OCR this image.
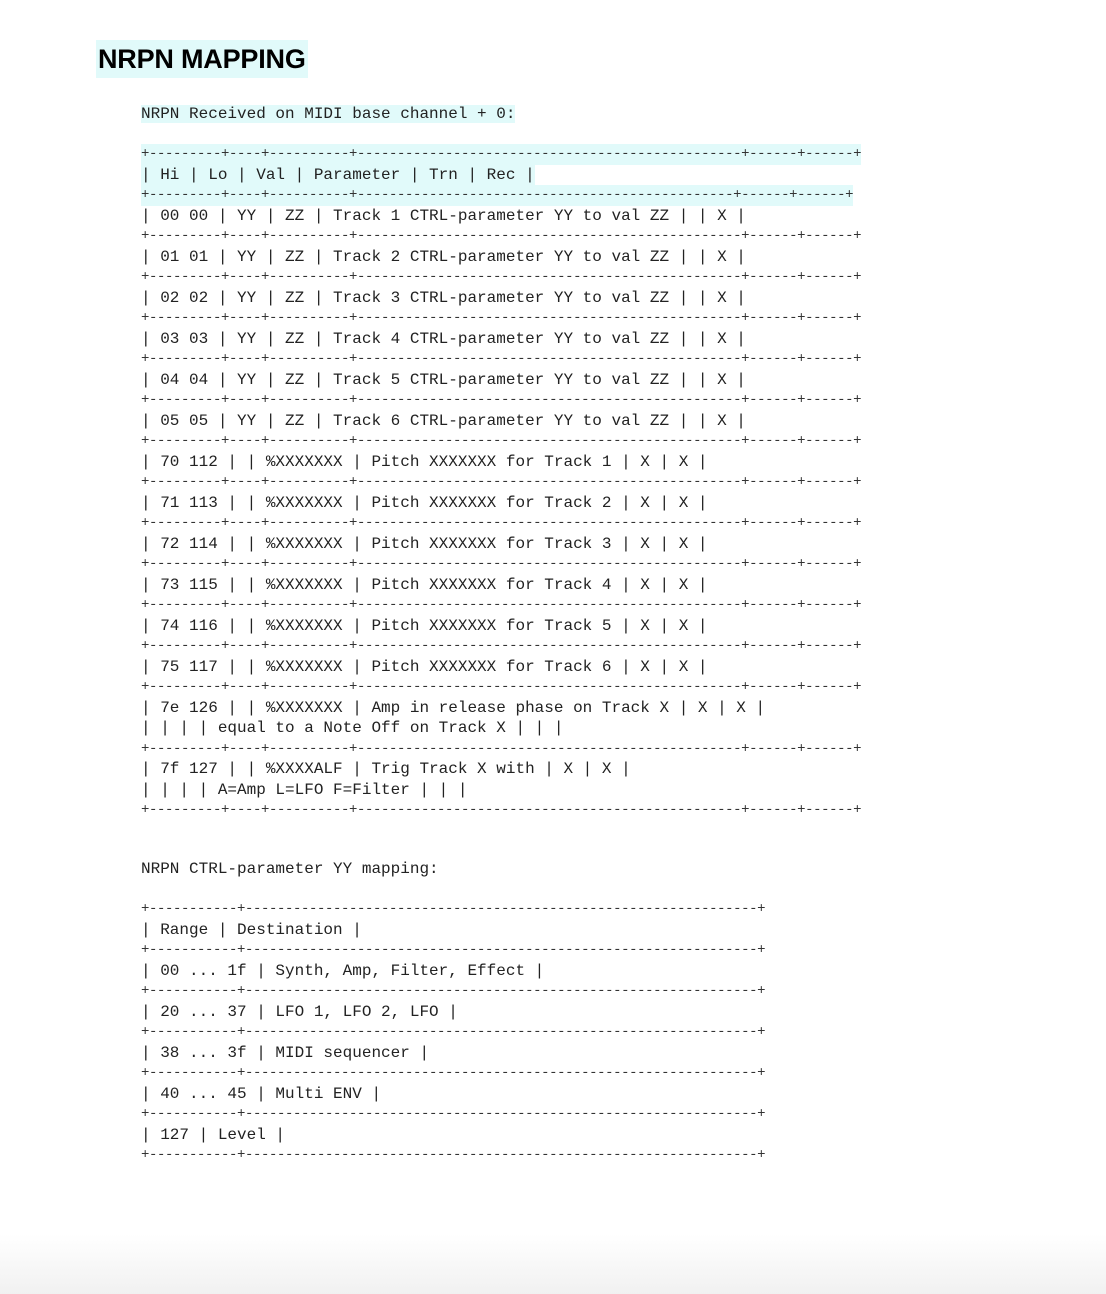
NRPN MAPPING
NRPN Received on MIDI base channel + 0:
+---------+----+----------+------------------------------------------------+------+------+
| Hi | Lo | Val | Parameter | Trn | Rec |
+---------+----+----------+-----------------------------------------------+------+------+
| 00 00 | YY | ZZ | Track 1 CTRL-parameter YY to val ZZ | | X |
+---------+----+----------+------------------------------------------------+------+------+
| 01 01 | YY | ZZ | Track 2 CTRL-parameter YY to val ZZ | | X |
+---------+----+----------+------------------------------------------------+------+------+
| 02 02 | YY | ZZ | Track 3 CTRL-parameter YY to val ZZ | | X |
+---------+----+----------+------------------------------------------------+------+------+
| 03 03 | YY | ZZ | Track 4 CTRL-parameter YY to val ZZ | | X |
+---------+----+----------+------------------------------------------------+------+------+
| 04 04 | YY | ZZ | Track 5 CTRL-parameter YY to val ZZ | | X |
+---------+----+----------+------------------------------------------------+------+------+
| 05 05 | YY | ZZ | Track 6 CTRL-parameter YY to val ZZ | | X |
+---------+----+----------+------------------------------------------------+------+------+
| 70 112 | | %XXXXXXX | Pitch XXXXXXX for Track 1 | X | X |
+---------+----+----------+------------------------------------------------+------+------+
| 71 113 | | %XXXXXXX | Pitch XXXXXXX for Track 2 | X | X |
+---------+----+----------+------------------------------------------------+------+------+
| 72 114 | | %XXXXXXX | Pitch XXXXXXX for Track 3 | X | X |
+---------+----+----------+------------------------------------------------+------+------+
| 73 115 | | %XXXXXXX | Pitch XXXXXXX for Track 4 | X | X |
+---------+----+----------+------------------------------------------------+------+------+
| 74 116 | | %XXXXXXX | Pitch XXXXXXX for Track 5 | X | X |
+---------+----+----------+------------------------------------------------+------+------+
| 75 117 | | %XXXXXXX | Pitch XXXXXXX for Track 6 | X | X |
+---------+----+----------+------------------------------------------------+------+------+
| 7e 126 | | %XXXXXXX | Amp in release phase on Track X | X | X |
| | | | equal to a Note Off on Track X | | |
+---------+----+----------+------------------------------------------------+------+------+
| 7f 127 | | %XXXXALF | Trig Track X with | X | X |
| | | | A=Amp L=LFO F=Filter | | |
+---------+----+----------+------------------------------------------------+------+------+
NRPN CTRL-parameter YY mapping:
+-----------+----------------------------------------------------------------+
| Range | Destination |
+-----------+----------------------------------------------------------------+
| 00 ... 1f | Synth, Amp, Filter, Effect |
+-----------+----------------------------------------------------------------+
| 20 ... 37 | LFO 1, LFO 2, LFO |
+-----------+----------------------------------------------------------------+
| 38 ... 3f | MIDI sequencer |
+-----------+----------------------------------------------------------------+
| 40 ... 45 | Multi ENV |
+-----------+----------------------------------------------------------------+
| 127 | Level |
+-----------+----------------------------------------------------------------+
